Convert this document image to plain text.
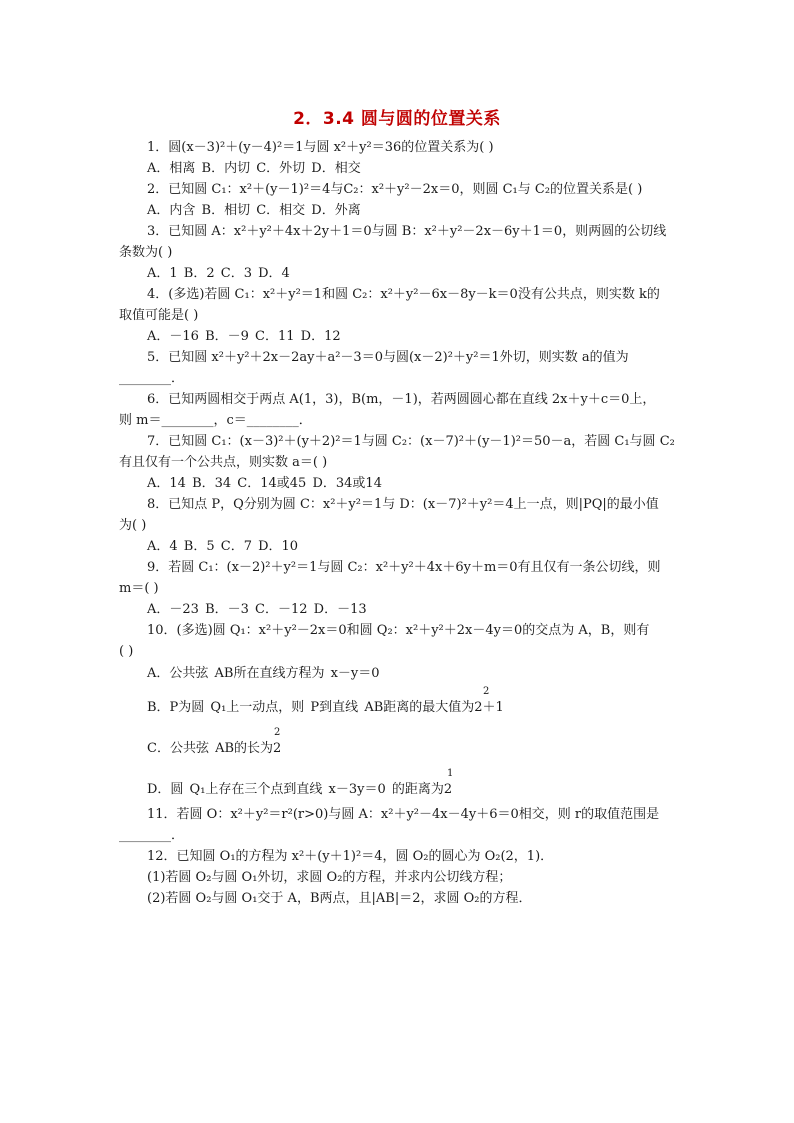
2．3.4 圆与圆的位置关系
1．圆(x－3)²＋(y－4)²＝1与圆 x²＋y²＝36的位置关系为( )
A．相离 B．内切 C．外切 D．相交
2．已知圆 C₁：x²＋(y－1)²＝4与C₂：x²＋y²－2x＝0，则圆 C₁与 C₂的位置关系是( )
A．内含 B．相切 C．相交 D．外离
3．已知圆 A：x²＋y²＋4x＋2y＋1＝0与圆 B：x²＋y²－2x－6y＋1＝0，则两圆的公切线
条数为( )
A．1 B．2 C．3 D．4
4．(多选)若圆 C₁：x²＋y²＝1和圆 C₂：x²＋y²－6x－8y－k＝0没有公共点，则实数 k的
取值可能是( )
A．－16 B．－9 C．11 D．12
5．已知圆 x²＋y²＋2x－2ay＋a²－3＝0与圆(x－2)²＋y²＝1外切，则实数 a的值为
________．
6．已知两圆相交于两点 A(1，3)，B(m，－1)，若两圆圆心都在直线 2x＋y＋c＝0上，
则 m＝________，c＝________．
7．已知圆 C₁：(x－3)²＋(y＋2)²＝1与圆 C₂：(x－7)²＋(y－1)²＝50－a，若圆 C₁与圆 C₂
有且仅有一个公共点，则实数 a＝( )
A．14 B．34 C．14或45 D．34或14
8．已知点 P，Q分别为圆 C：x²＋y²＝1与 D：(x－7)²＋y²＝4上一点，则|PQ|的最小值
为( )
A．4 B．5 C．7 D．10
9．若圆 C₁：(x－2)²＋y²＝1与圆 C₂：x²＋y²＋4x＋6y＋m＝0有且仅有一条公切线，则
m＝( )
A．－23 B．－3 C．－12 D．－13
10．(多选)圆 Q₁：x²＋y²－2x＝0和圆 Q₂：x²＋y²＋2x－4y＝0的交点为 A，B，则有
( )
A．公共弦 AB所在直线方程为 x－y＝0
2
B．P为圆 Q₁上一动点，则 P到直线 AB距离的最大值为2＋1
2
C．公共弦 AB的长为2
1
D．圆 Q₁上存在三个点到直线 x－3y＝0 的距离为2
11．若圆 O：x²＋y²＝r²(r>0)与圆 A：x²＋y²－4x－4y＋6＝0相交，则 r的取值范围是
________．
12．已知圆 O₁的方程为 x²＋(y＋1)²＝4，圆 O₂的圆心为 O₂(2，1)．
(1)若圆 O₂与圆 O₁外切，求圆 O₂的方程，并求内公切线方程；
(2)若圆 O₂与圆 O₁交于 A，B两点，且|AB|＝2，求圆 O₂的方程．
